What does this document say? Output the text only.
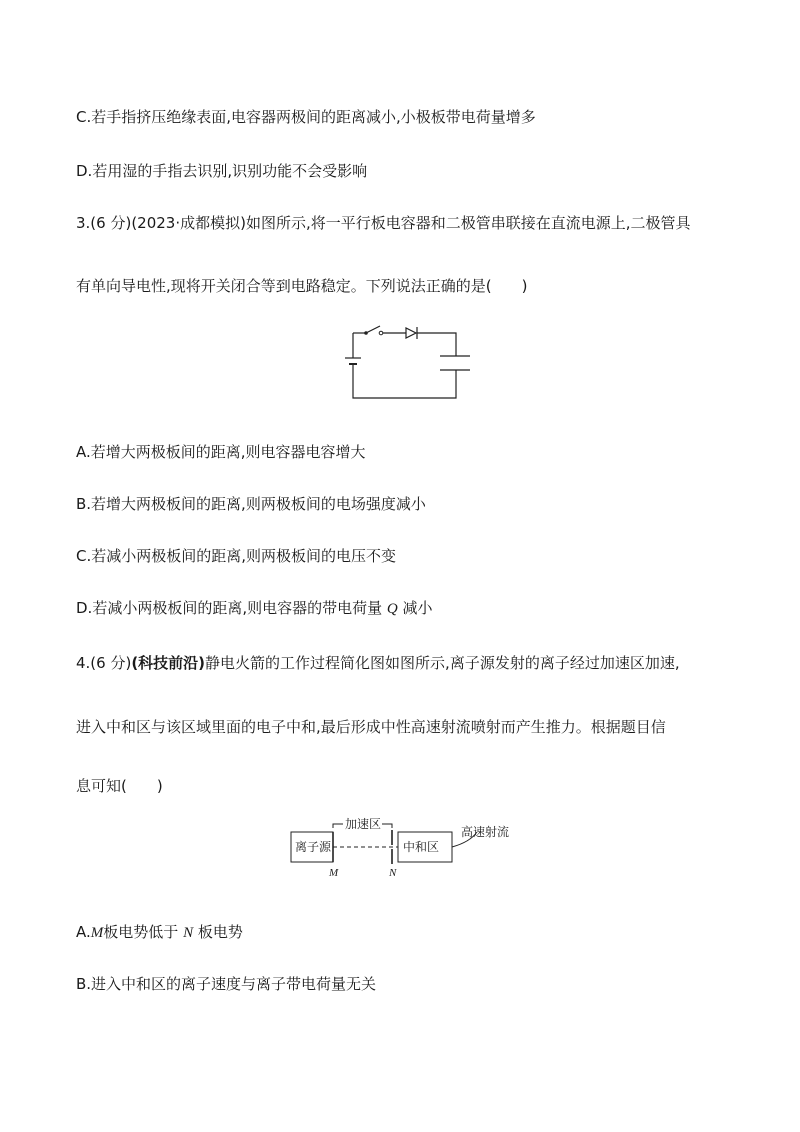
C.若手指挤压绝缘表面,电容器两极间的距离减小,小极板带电荷量增多
D.若用湿的手指去识别,识别功能不会受影响
3.(6 分)(2023·成都模拟)如图所示,将一平行板电容器和二极管串联接在直流电源上,二极管具
有单向导电性,现将开关闭合等到电路稳定。下列说法正确的是( )
A.若增大两极板间的距离,则电容器电容增大
B.若增大两极板间的距离,则两极板间的电场强度减小
C.若减小两极板间的距离,则两极板间的电压不变
D.若减小两极板间的距离,则电容器的带电荷量 Q 减小
4.(6 分)(科技前沿)静电火箭的工作过程简化图如图所示,离子源发射的离子经过加速区加速,
进入中和区与该区域里面的电子中和,最后形成中性高速射流喷射而产生推力。根据题目信
息可知( )
离子源
加速区
中和区
高速射流
M	N
A.M板电势低于 N 板电势
B.进入中和区的离子速度与离子带电荷量无关
